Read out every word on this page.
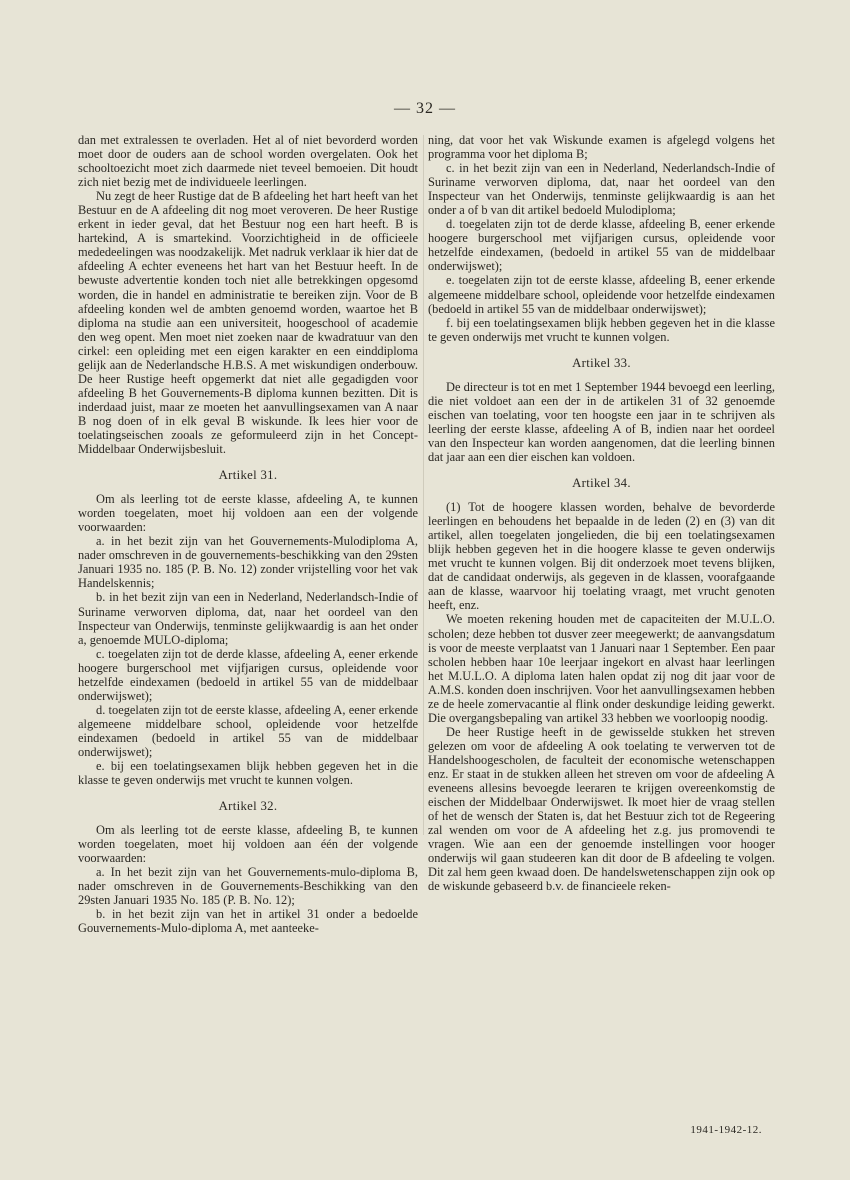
— 32 —

dan met extralessen te overladen. Het al of niet bevorderd worden moet door de ouders aan de school worden overgelaten. Ook het schooltoezicht moet zich daarmede niet teveel bemoeien. Dit houdt zich niet bezig met de individueele leerlingen.

Nu zegt de heer Rustige dat de B afdeeling het hart heeft van het Bestuur en de A afdeeling dit nog moet veroveren. De heer Rustige erkent in ieder geval, dat het Bestuur nog een hart heeft. B is hartekind, A is smartekind. Voorzichtigheid in de officieele mededeelingen was noodzakelijk. Met nadruk verklaar ik hier dat de afdeeling A echter eveneens het hart van het Bestuur heeft. In de bewuste advertentie konden toch niet alle betrekkingen opgesomd worden, die in handel en administratie te bereiken zijn. Voor de B afdeeling konden wel de ambten genoemd worden, waartoe het B diploma na studie aan een universiteit, hoogeschool of academie den weg opent. Men moet niet zoeken naar de kwadratuur van den cirkel: een opleiding met een eigen karakter en een einddiploma gelijk aan de Nederlandsche H.B.S. A met wiskundigen onderbouw. De heer Rustige heeft opgemerkt dat niet alle gegadigden voor afdeeling B het Gouvernements-B diploma kunnen bezitten. Dit is inderdaad juist, maar ze moeten het aanvullingsexamen van A naar B nog doen of in elk geval B wiskunde. Ik lees hier voor de toelatingseischen zooals ze geformuleerd zijn in het Concept-Middelbaar Onderwijsbesluit.

Artikel 31.

Om als leerling tot de eerste klasse, afdeeling A, te kunnen worden toegelaten, moet hij voldoen aan een der volgende voorwaarden:

a. in het bezit zijn van het Gouvernements-Mulodiploma A, nader omschreven in de gouvernements-beschikking van den 29sten Januari 1935 no. 185 (P. B. No. 12) zonder vrijstelling voor het vak Handelskennis;

b. in het bezit zijn van een in Nederland, Nederlandsch-Indie of Suriname verworven diploma, dat, naar het oordeel van den Inspecteur van Onderwijs, tenminste gelijkwaardig is aan het onder a, genoemde MULO-diploma;

c. toegelaten zijn tot de derde klasse, afdeeling A, eener erkende hoogere burgerschool met vijfjarigen cursus, opleidende voor hetzelfde eindexamen (bedoeld in artikel 55 van de middelbaar onderwijswet);

d. toegelaten zijn tot de eerste klasse, afdeeling A, eener erkende algemeene middelbare school, opleidende voor hetzelfde eindexamen (bedoeld in artikel 55 van de middelbaar onderwijswet);

e. bij een toelatingsexamen blijk hebben gegeven het in die klasse te geven onderwijs met vrucht te kunnen volgen.

Artikel 32.

Om als leerling tot de eerste klasse, afdeeling B, te kunnen worden toegelaten, moet hij voldoen aan één der volgende voorwaarden:

a. In het bezit zijn van het Gouvernements-mulo-diploma B, nader omschreven in de Gouvernements-Beschikking van den 29sten Januari 1935 No. 185 (P. B. No. 12);

b. in het bezit zijn van het in artikel 31 onder a bedoelde Gouvernements-Mulo-diploma A, met aanteeke-

ning, dat voor het vak Wiskunde examen is afgelegd volgens het programma voor het diploma B;

c. in het bezit zijn van een in Nederland, Nederlandsch-Indie of Suriname verworven diploma, dat, naar het oordeel van den Inspecteur van het Onderwijs, tenminste gelijkwaardig is aan het onder a of b van dit artikel bedoeld Mulodiploma;

d. toegelaten zijn tot de derde klasse, afdeeling B, eener erkende hoogere burgerschool met vijfjarigen cursus, opleidende voor hetzelfde eindexamen, (bedoeld in artikel 55 van de middelbaar onderwijswet);

e. toegelaten zijn tot de eerste klasse, afdeeling B, eener erkende algemeene middelbare school, opleidende voor hetzelfde eindexamen (bedoeld in artikel 55 van de middelbaar onderwijswet);

f. bij een toelatingsexamen blijk hebben gegeven het in die klasse te geven onderwijs met vrucht te kunnen volgen.

Artikel 33.

De directeur is tot en met 1 September 1944 bevoegd een leerling, die niet voldoet aan een der in de artikelen 31 of 32 genoemde eischen van toelating, voor ten hoogste een jaar in te schrijven als leerling der eerste klasse, afdeeling A of B, indien naar het oordeel van den Inspecteur kan worden aangenomen, dat die leerling binnen dat jaar aan een dier eischen kan voldoen.

Artikel 34.

(1) Tot de hoogere klassen worden, behalve de bevorderde leerlingen en behoudens het bepaalde in de leden (2) en (3) van dit artikel, allen toegelaten jongelieden, die bij een toelatingsexamen blijk hebben gegeven het in die hoogere klasse te geven onderwijs met vrucht te kunnen volgen. Bij dit onderzoek moet tevens blijken, dat de candidaat onderwijs, als gegeven in de klassen, voorafgaande aan de klasse, waarvoor hij toelating vraagt, met vrucht genoten heeft, enz.

We moeten rekening houden met de capaciteiten der M.U.L.O. scholen; deze hebben tot dusver zeer meegewerkt; de aanvangsdatum is voor de meeste verplaatst van 1 Januari naar 1 September. Een paar scholen hebben haar 10e leerjaar ingekort en alvast haar leerlingen het M.U.L.O. A diploma laten halen opdat zij nog dit jaar voor de A.M.S. konden doen inschrijven. Voor het aanvullingsexamen hebben ze de heele zomervacantie al flink onder deskundige leiding gewerkt. Die overgangsbepaling van artikel 33 hebben we voorloopig noodig.

De heer Rustige heeft in de gewisselde stukken het streven gelezen om voor de afdeeling A ook toelating te verwerven tot de Handelshoogescholen, de faculteit der economische wetenschappen enz. Er staat in de stukken alleen het streven om voor de afdeeling A eveneens allesins bevoegde leeraren te krijgen overeenkomstig de eischen der Middelbaar Onderwijswet. Ik moet hier de vraag stellen of het de wensch der Staten is, dat het Bestuur zich tot de Regeering zal wenden om voor de A afdeeling het z.g. jus promovendi te vragen. Wie aan een der genoemde instellingen voor hooger onderwijs wil gaan studeeren kan dit door de B afdeeling te volgen. Dit zal hem geen kwaad doen. De handelswetenschappen zijn ook op de wiskunde gebaseerd b.v. de financieele reken-

1941-1942-12.
